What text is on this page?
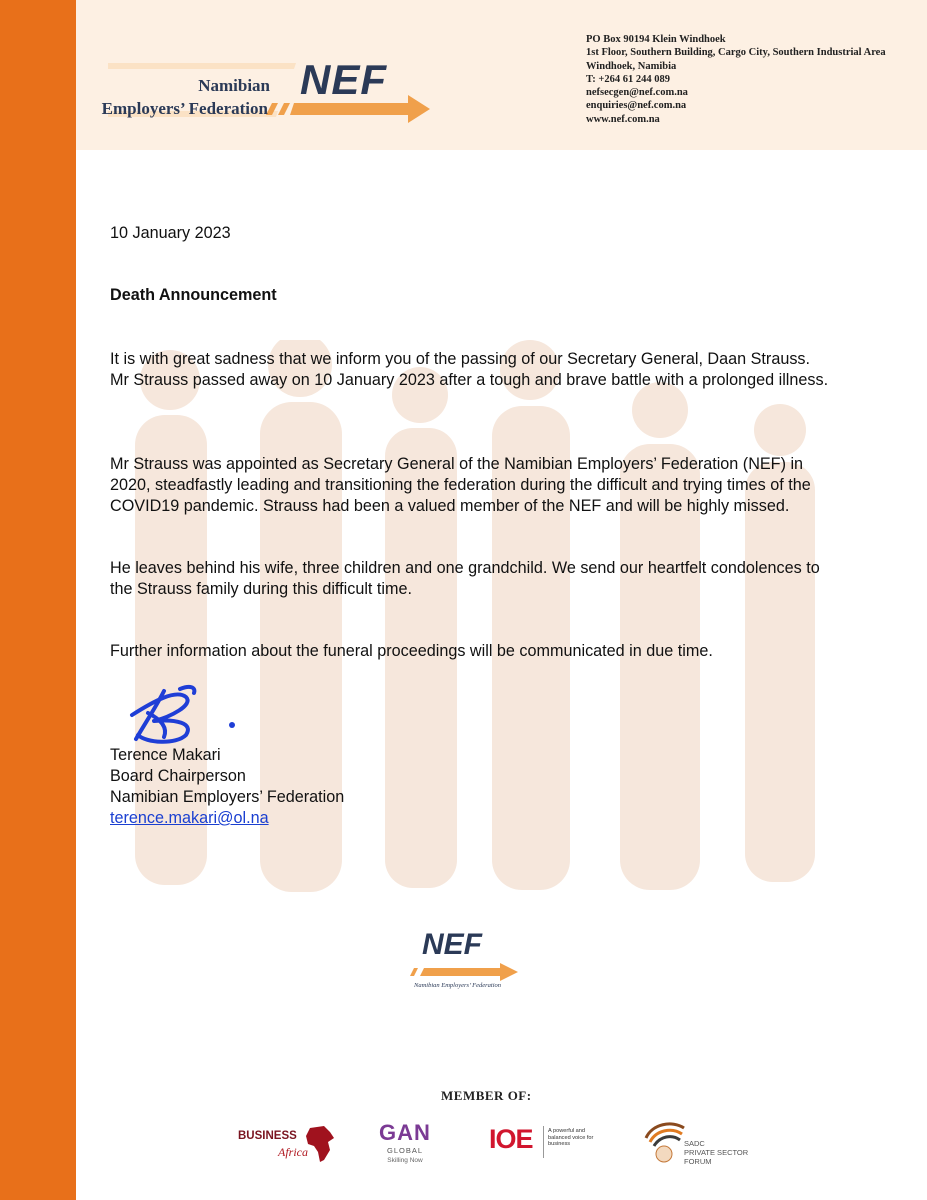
Namibian
Employers’ Federation
NEF
PO Box 90194 Klein Windhoek
1st Floor, Southern Building, Cargo City, Southern Industrial Area
Windhoek, Namibia
T: +264 61 244 089
nefsecgen@nef.com.na
enquiries@nef.com.na
www.nef.com.na
10 January 2023
Death Announcement

It is with great sadness that we inform you of the passing of our Secretary General, Daan Strauss. Mr Strauss passed away on 10 January 2023 after a tough and brave battle with a prolonged illness.

Mr Strauss was appointed as Secretary General of the Namibian Employers’ Federation (NEF) in 2020, steadfastly leading and transitioning the federation during the difficult and trying times of the COVID19 pandemic. Strauss had been a valued member of the NEF and will be highly missed.

He leaves behind his wife, three children and one grandchild. We send our heartfelt condolences to the Strauss family during this difficult time.

Further information about the funeral proceedings will be communicated in due time.

Terence Makari
Board Chairperson
Namibian Employers’ Federation
terence.makari@ol.na
NEF
Namibian Employers’ Federation
MEMBER OF:
BUSINESS
Africa
GAN
GLOBAL
Skilling Now
IOE	A powerful and balanced voice for business	SADC
PRIVATE SECTOR
FORUM
